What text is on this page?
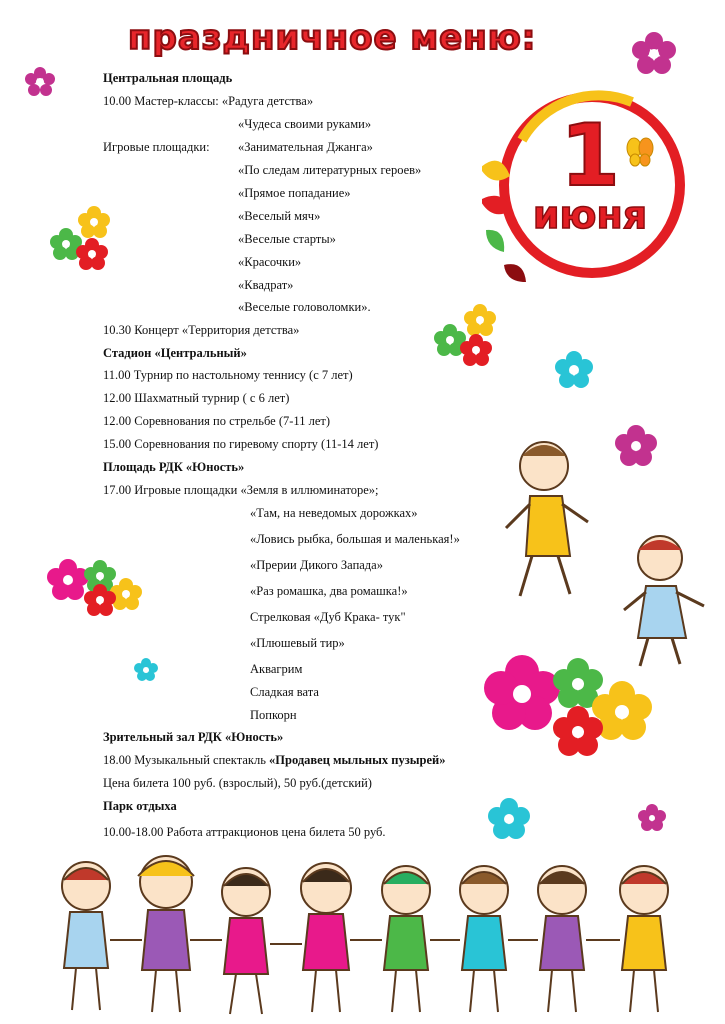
праздничное меню:
1
июня
Центральная площадь
10.00 Мастер-классы: «Радуга детства»
«Чудеса своими руками»
Игровые площадки: «Занимательная Джанга»
«По следам литературных героев»
«Прямое попадание»
«Веселый мяч»
«Веселые старты»
«Красочки»
«Квадрат»
«Веселые головоломки».
10.30 Концерт «Территория детства»
Стадион «Центральный»
11.00 Турнир по настольному теннису (с 7 лет)
12.00 Шахматный турнир ( с 6 лет)
12.00 Соревнования по стрельбе (7-11 лет)
15.00 Соревнования по гиревому спорту (11-14 лет)
Площадь РДК «Юность»
17.00 Игровые площадки «Земля в иллюминаторе»;
«Там, на неведомых дорожках»
«Ловись рыбка, большая и маленькая!»
«Прерии Дикого Запада»
«Раз ромашка, два ромашка!»
Стрелковая «Дуб Крака- тук"
«Плюшевый тир»
Аквагрим
Сладкая вата
Попкорн
Зрительный зал РДК «Юность»
18.00 Музыкальный спектакль «Продавец мыльных пузырей»
Цена билета 100 руб. (взрослый), 50 руб.(детский)
Парк отдыха
10.00-18.00 Работа аттракционов цена билета 50 руб.
